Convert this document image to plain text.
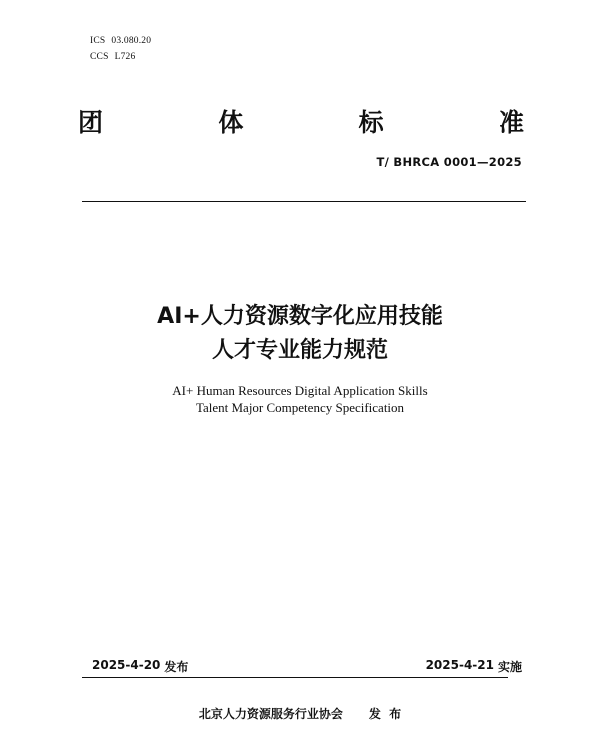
ICS 03.080.20
CCS L726
团	体	标	准
T/ BHRCA 0001—2025
AI+人力资源数字化应用技能
人才专业能力规范
AI+ Human Resources Digital Application Skills
Talent Major Competency Specification
2025-4-20 发布	2025-4-21 实施
北京人力资源服务行业协会 发  布
